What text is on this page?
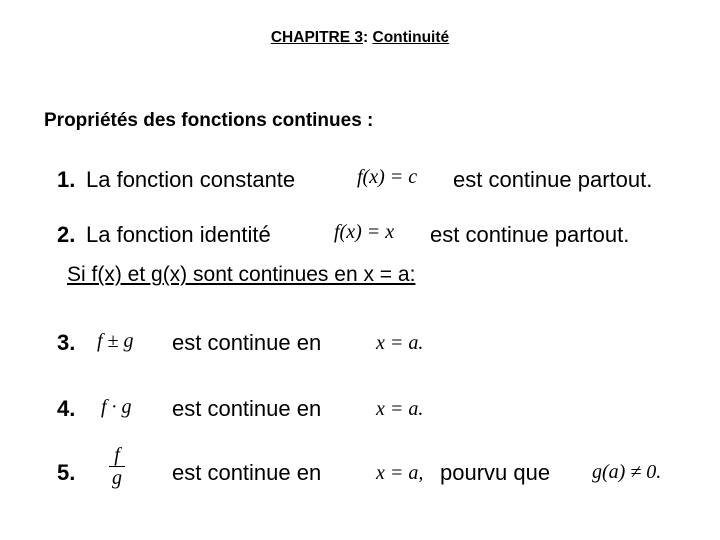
CHAPITRE 3: Continuité
Propriétés des fonctions continues :
1. La fonction constante	f(x) = c est continue partout.
2. La fonction identité	f(x) = x est continue partout.
Si f(x) et g(x) sont continues en x = a:
3. f ± g est continue en	x = a.
4. f · g est continue en	x = a.
5. $\frac{f}{g}$ est continue en	x = a, pourvu que g(a) ≠ 0.
